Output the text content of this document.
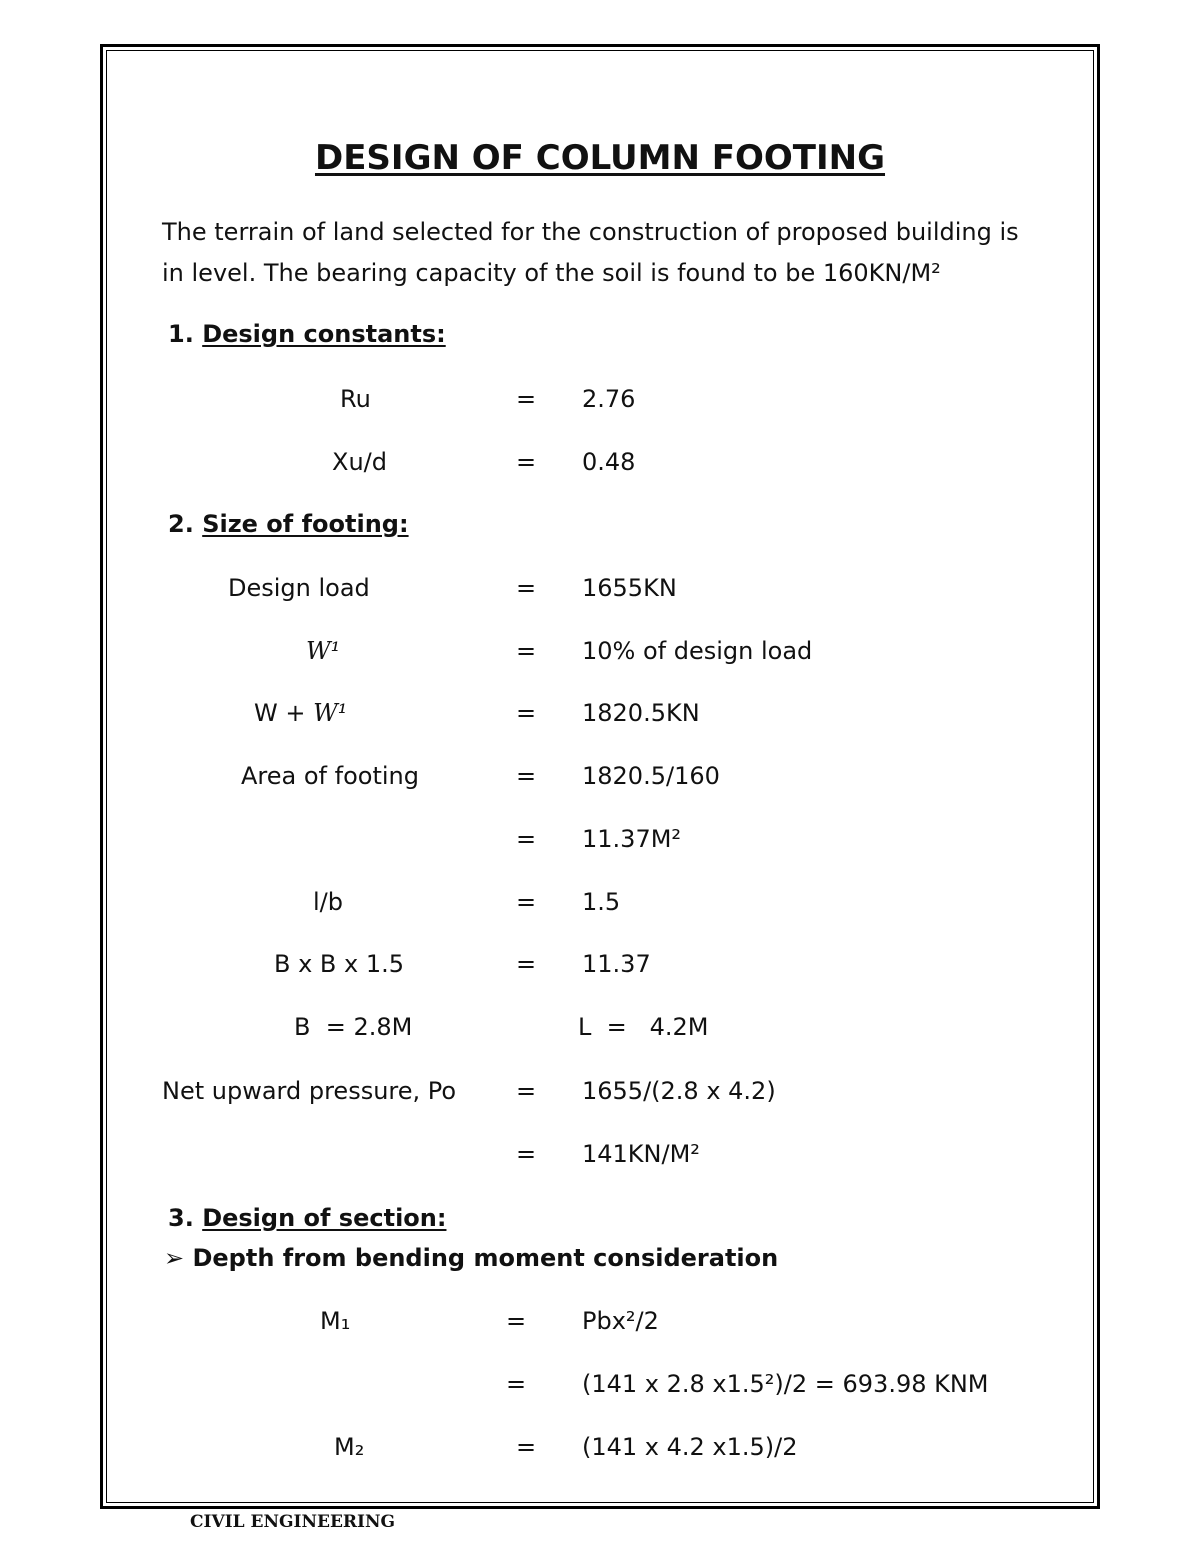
DESIGN OF COLUMN FOOTING
The terrain of land selected for the construction of proposed building is
in level. The bearing capacity of the soil is found to be 160KN/M²
1. Design constants:
Ru	= 2.76
Xu/d	= 0.48
2. Size of footing:
Design load	= 1655KN
W¹	= 10% of design load
W + W¹	= 1820.5KN
Area of footing	= 1820.5/160
= 11.37M²
l/b	= 1.5
B x B x 1.5	= 11.37
B  = 2.8M	L  =   4.2M
Net upward pressure, Po = 1655/(2.8 x 4.2)
= 141KN/M²
3. Design of section:
➢ Depth from bending moment consideration
M₁	= Pbx²/2
= (141 x 2.8 x1.5²)/2 = 693.98 KNM
M₂	= (141 x 4.2 x1.5)/2
CIVIL ENGINEERING
